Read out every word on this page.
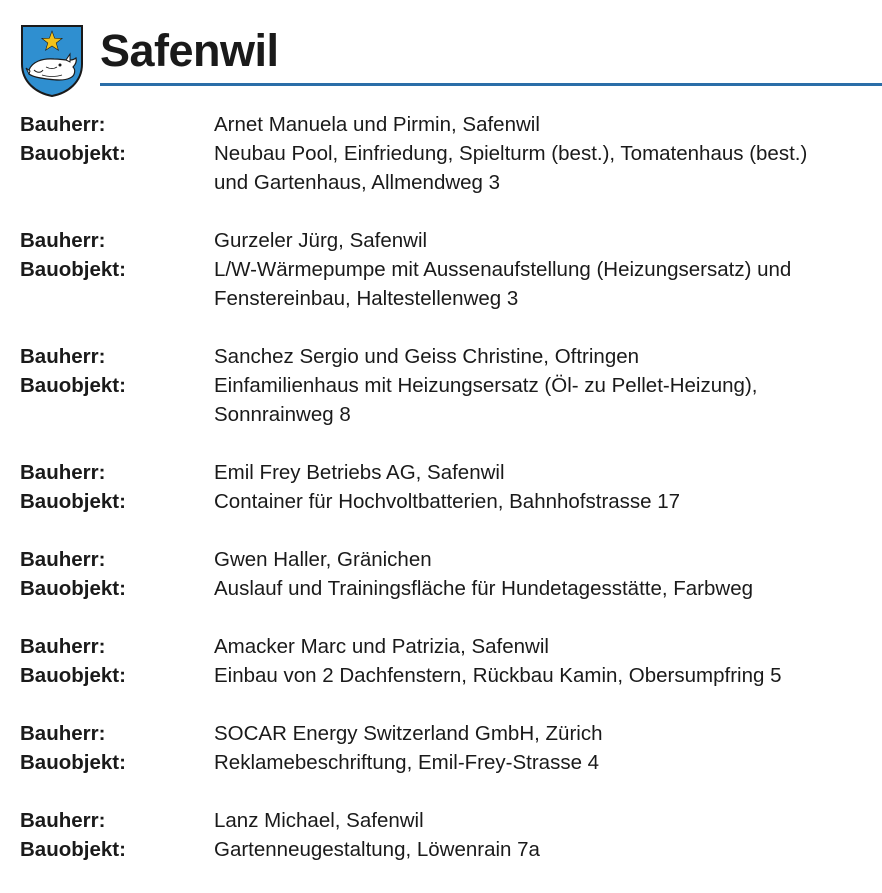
Safenwil
Bauherr:	Arnet Manuela und Pirmin, Safenwil
Bauobjekt:	Neubau Pool, Einfriedung, Spielturm (best.), Tomatenhaus (best.)
und Gartenhaus, Allmendweg 3
Bauherr:	Gurzeler Jürg, Safenwil
Bauobjekt:	L/W-Wärmepumpe mit Aussenaufstellung (Heizungsersatz) und
Fenstereinbau, Haltestellenweg 3
Bauherr:	Sanchez Sergio und Geiss Christine, Oftringen
Bauobjekt:	Einfamilienhaus mit Heizungsersatz (Öl- zu Pellet-Heizung),
Sonnrainweg 8
Bauherr:	Emil Frey Betriebs AG, Safenwil
Bauobjekt:	Container für Hochvoltbatterien, Bahnhofstrasse 17
Bauherr:	Gwen Haller, Gränichen
Bauobjekt:	Auslauf und Trainingsfläche für Hundetagesstätte, Farbweg
Bauherr:	Amacker Marc und Patrizia, Safenwil
Bauobjekt:	Einbau von 2 Dachfenstern, Rückbau Kamin, Obersumpfring 5
Bauherr:	SOCAR Energy Switzerland GmbH, Zürich
Bauobjekt:	Reklamebeschriftung, Emil-Frey-Strasse 4
Bauherr:	Lanz Michael, Safenwil
Bauobjekt:	Gartenneugestaltung, Löwenrain 7a
